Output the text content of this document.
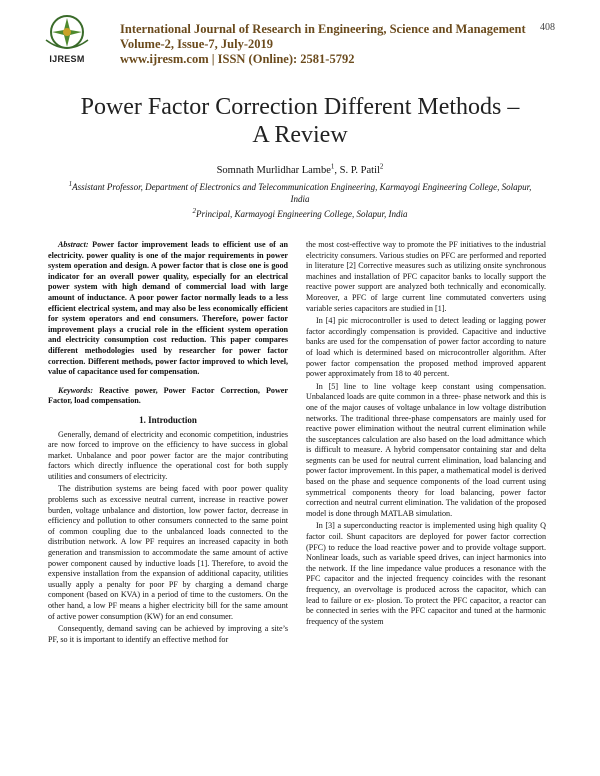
IJRESM
International Journal of Research in Engineering, Science and Management
Volume-2, Issue-7, July-2019
www.ijresm.com | ISSN (Online): 2581-5792
408
Power Factor Correction Different Methods –
A Review
Somnath Murlidhar Lambe$^1$, S. P. Patil$^2$
$^1$Assistant Professor, Department of Electronics and Telecommunication Engineering, Karmayogi Engineering College, Solapur, India
$^2$Principal, Karmayogi Engineering College, Solapur, India

Abstract: Power factor improvement leads to efficient use of an electricity. power quality is one of the major requirements in power system operation and design. A power factor that is close one is good indicator for an overall power quality, especially for an electrical power system with high demand of commercial load with large amount of inductance. A poor power factor normally leads to a less efficient electrical system, and may also be less economically efficient for system operators and end consumers. Therefore, power factor improvement plays a crucial role in the efficient system operation and electricity consumption cost reduction. This paper compares different methodologies used by researcher for power factor correction. Different methods, power factor improved to which level, value of capacitance used for compensation.

Keywords: Reactive power, Power Factor Correction, Power Factor, load compensation.

1. Introduction

Generally, demand of electricity and economic competition, industries are now forced to improve on the efficiency to have success in global market. Unbalance and poor power factor are the major contributing factors which directly influence the operational cost for both supply utilities and consumers of electricity.

The distribution systems are being faced with poor power quality problems such as excessive neutral current, increase in reactive power burden, voltage unbalance and distortion, low power factor, decrease in efficiency and pollution to other consumers connected to the same point of common coupling due to the unbalanced loads connected to the distribution network. A low PF requires an increased capacity in both generation and transmission to accommodate the same amount of active power component caused by inductive loads [1]. Therefore, to avoid the expensive installation from the expansion of additional capacity, utilities usually apply a penalty for poor PF by charging a demand charge component (based on KVA) in a period of time to the customers. On the other hand, a low PF means a higher electricity bill for the same amount of active power consumption (KW) for an end consumer.

Consequently, demand saving can be achieved by improving a site’s PF, so it is important to identify an effective method for

the most cost-effective way to promote the PF initiatives to the industrial electricity consumers. Various studies on PFC are performed and reported in literature [2] Corrective measures such as utilizing onsite synchronous machines and installation of PFC capacitor banks to locally support the reactive power support are analyzed both technically and economically. Moreover, a PFC of large current line commutated converters using variable series capacitors are studied in [1].

In [4] pic microcontroller is used to detect leading or lagging power factor accordingly compensation is provided. Capacitive and inductive banks are used for the compensation of power factor according to nature of load which is determined based on microcontroller algorithm. After power factor compensation the proposed method improved apparent power approximately from 18 to 40 percent.

In [5] line to line voltage keep constant using compensation. Unbalanced loads are quite common in a three- phase network and this is one of the major causes of voltage unbalance in low voltage distribution networks. The traditional three-phase compensators are mainly used for reactive power elimination without the neutral current elimination while the susceptances calculation are also based on the load admittance which is difficult to measure. A hybrid compensator containing star and delta segments can be used for neutral current elimination, load balancing and power factor improvement. In this paper, a mathematical model is derived based on the phase and sequence components of the load current using symmetrical components theory for load balancing, power factor correction and neutral current elimination. The validation of the proposed model is done through MATLAB simulation.

In [3] a superconducting reactor is implemented using high quality Q factor coil. Shunt capacitors are deployed for power factor correction (PFC) to reduce the load reactive power and to provide voltage support. Nonlinear loads, such as variable speed drives, can inject harmonics into the network. If the line impedance value produces a resonance with the PFC capacitor and the injected frequency coincides with the resonant frequency, an overvoltage is produced across the capacitor, which can lead to failure or ex- plosion. To protect the PFC capacitor, a reactor can be connected in series with the PFC capacitor and tuned at the harmonic frequency of the system
